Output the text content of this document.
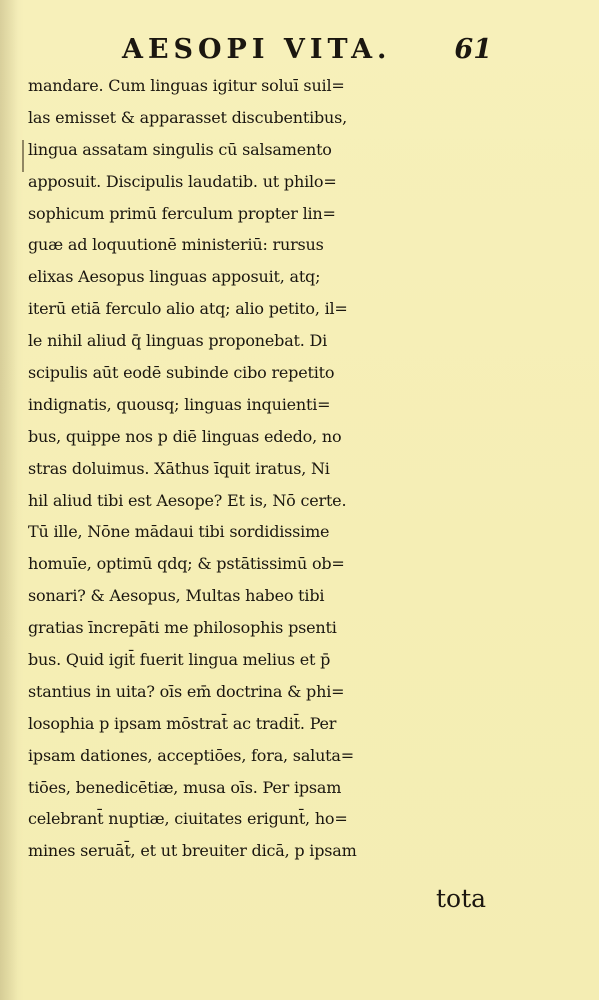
AESOPI VITA. 61
mandare. Cum linguas igitur soluī suil=
las emisset & apparasset discubentibus,
lingua assatam singulis cū salsamento
apposuit. Discipulis laudatib. ut philo=
sophicum primū ferculum propter lin=
guæ ad loquutionē ministeriū: rursus
elixas Aesopus linguas apposuit, atq;
iterū etiā ferculo alio atq; alio petito, il=
le nihil aliud q̄ linguas proponebat. Di
scipulis aūt eodē subinde cibo repetito
indignatis, quousq; linguas inquienti=
bus, quippe nos p diē linguas ededo, no
stras doluimus. Xāthus īquit iratus, Ni
hil aliud tibi est Aesope? Et is, Nō certe.
Tū ille, Nōne mādaui tibi sordidissime
homuīe, optimū qdq; & pstātissimū ob=
sonari? & Aesopus, Multas habeo tibi
gratias īncrepāti me philosophis psenti
bus. Quid igit̄ fuerit lingua melius et p̄
stantius in uita? oīs em̄ doctrina & phi=
losophia p ipsam mōstrat̄ ac tradit̄. Per
ipsam dationes, acceptiōes, fora, saluta=
tiōes, benedicētiæ, musa oīs. Per ipsam
celebrant̄ nuptiæ, ciuitates erigunt̄, ho=
mines seruāt̄, et ut breuiter dicā, p ipsam
tota
